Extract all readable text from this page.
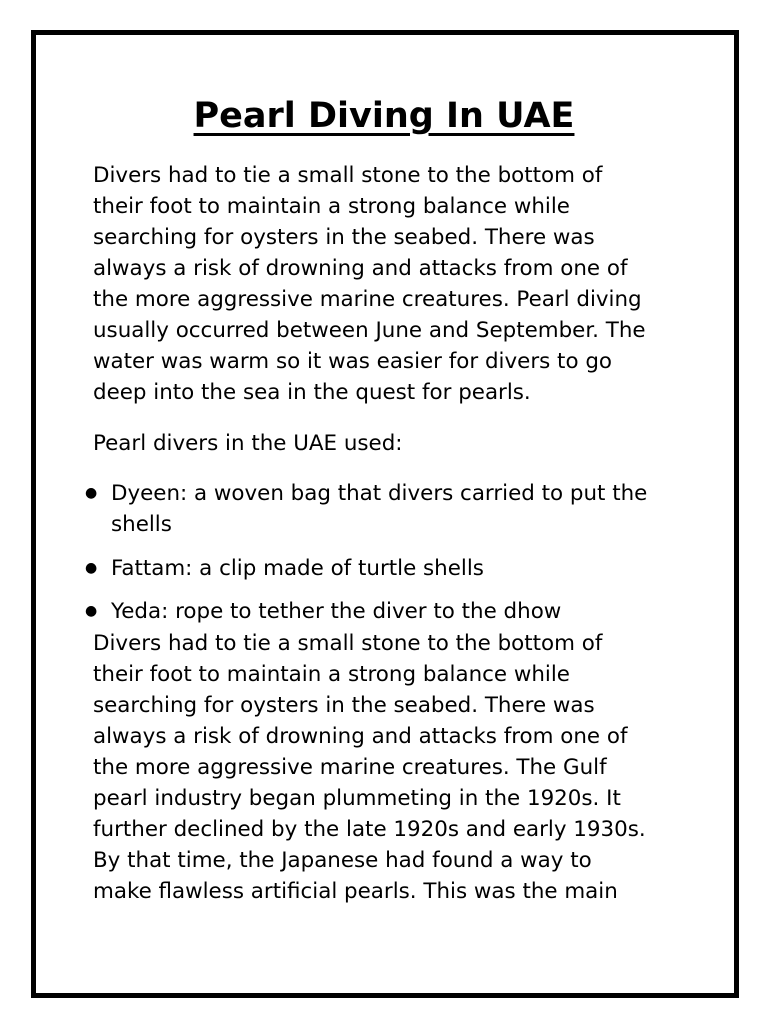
Pearl Diving In UAE

Divers had to tie a small stone to the bottom of
their foot to maintain a strong balance while
searching for oysters in the seabed. There was
always a risk of drowning and attacks from one of
the more aggressive marine creatures. Pearl diving
usually occurred between June and September. The
water was warm so it was easier for divers to go
deep into the sea in the quest for pearls.

Pearl divers in the UAE used:

● Dyeen: a woven bag that divers carried to put the
shells
● Fattam: a clip made of turtle shells
● Yeda: rope to tether the diver to the dhow

Divers had to tie a small stone to the bottom of
their foot to maintain a strong balance while
searching for oysters in the seabed. There was
always a risk of drowning and attacks from one of
the more aggressive marine creatures. The Gulf
pearl industry began plummeting in the 1920s. It
further declined by the late 1920s and early 1930s.
By that time, the Japanese had found a way to
make flawless artificial pearls. This was the main
